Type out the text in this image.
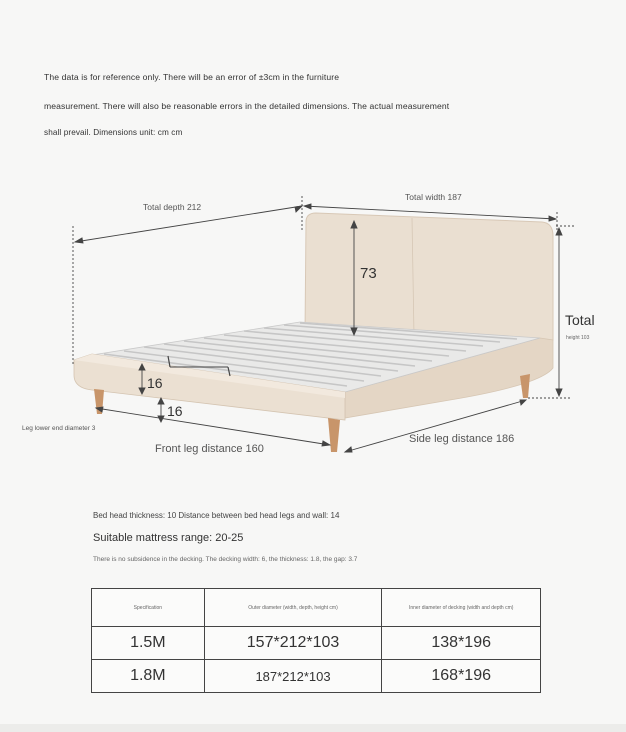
The data is for reference only. There will be an error of ±3cm in the furniture
measurement. There will also be reasonable errors in the detailed dimensions. The actual measurement
shall prevail. Dimensions unit: cm cm
Total depth 212
Total width 187
73
Total
height 103
16
16
Leg lower end diameter 3
Front leg distance 160
Side leg distance 186
Bed head thickness: 10 Distance between bed head legs and wall: 14
Suitable mattress range: 20-25
There is no subsidence in the decking. The decking width: 6, the thickness: 1.8, the gap: 3.7
Specification	Outer diameter (width, depth, height cm)	Inner diameter of decking (width and depth cm)
1.5M	157*212*103	138*196
1.8M	187*212*103	168*196
